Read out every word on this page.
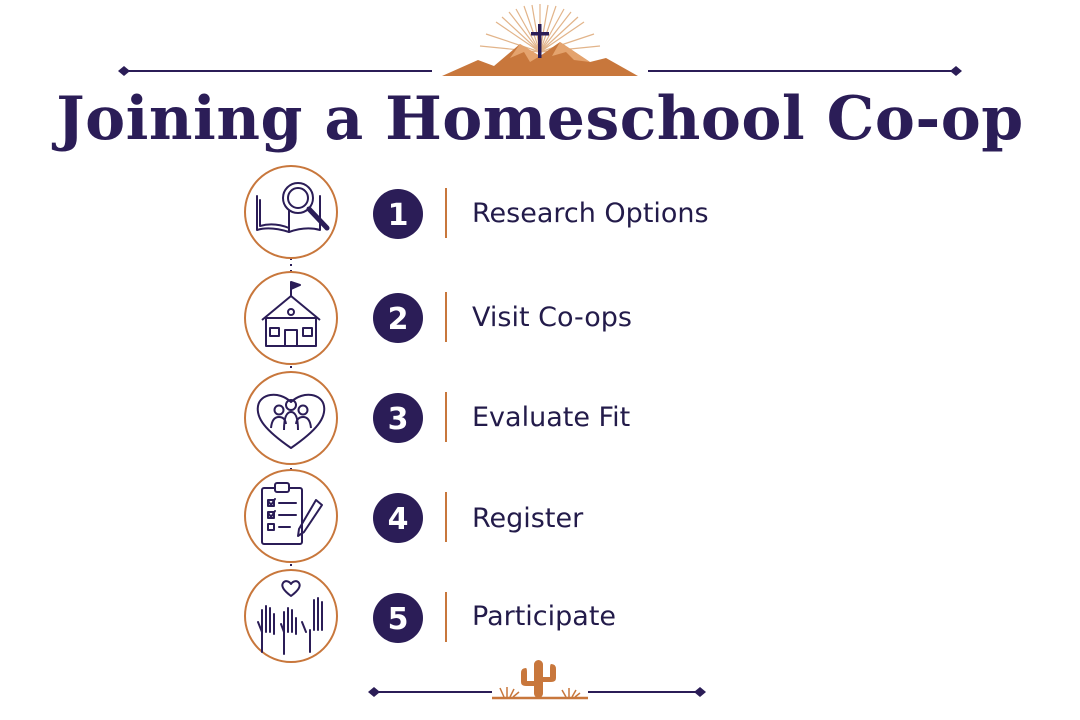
Joining a Homeschool Co-op
1
2
3
4
5
Research Options
Visit Co-ops
Evaluate Fit
Register
Participate
